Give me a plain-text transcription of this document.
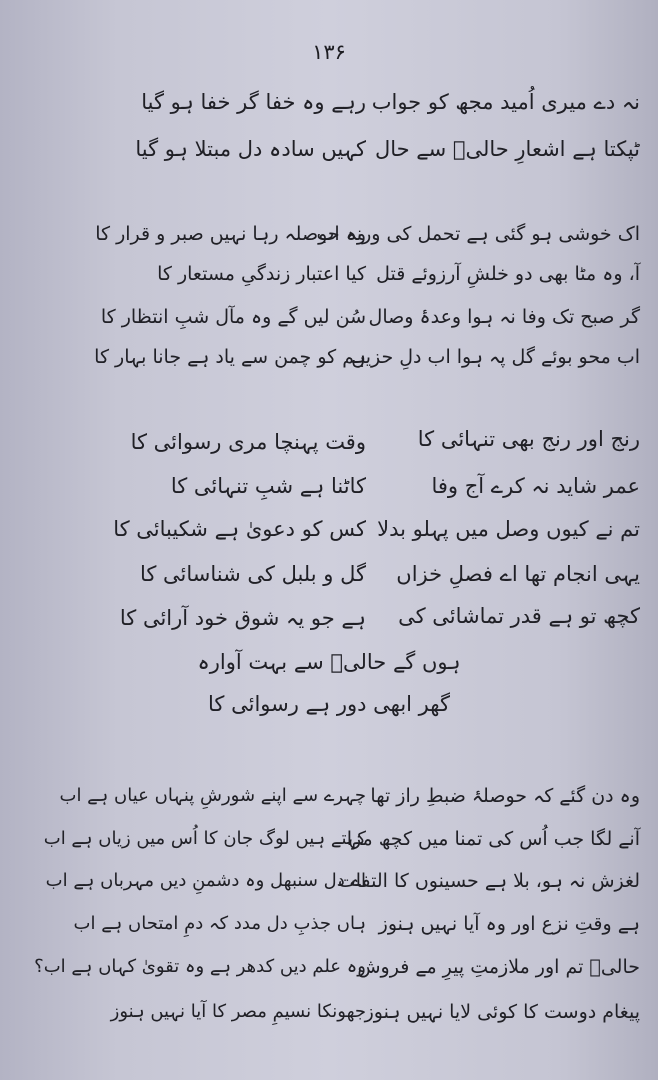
۱۳۶
نہ دے میری اُمید مجھ کو جواب
رہے وہ خفا گر خفا ہو گیا
ٹپکتا ہے اشعارِ حالیؔ سے حال
کہیں سادہ دل مبتلا ہو گیا
اک خوشی ہو گئی ہے تحمل کی ورنہ اب
وہ حوصلہ رہا نہیں صبر و قرار کا
آ، وہ مٹا بھی دو خلشِ آرزوئے قتل
کیا اعتبار زندگیِ مستعار کا
گر صبح تک وفا نہ ہوا وعدۂ وصال
سُن لیں گے وہ مآل شبِ انتظار کا
اب محو بوئے گل پہ ہوا اب دلِ حزیں
ہم کو چمن سے یاد ہے جانا بہار کا
رنج اور رنج بھی تنہائی کا
وقت پہنچا مری رسوائی کا
عمر شاید نہ کرے آج وفا
کاٹنا ہے شبِ تنہائی کا
تم نے کیوں وصل میں پہلو بدلا
کس کو دعویٰ ہے شکیبائی کا
یہی انجام تھا اے فصلِ خزاں
گل و بلبل کی شناسائی کا
کچھ تو ہے قدر تماشائی کی
ہے جو یہ شوق خود آرائی کا
ہوں گے حالیؔ سے بہت آوارہ
گھر ابھی دور ہے رسوائی کا
وہ دن گئے کہ حوصلۂ ضبطِ راز تھا
چہرے سے اپنے شورشِ پنہاں عیاں ہے اب
آنے لگا جب اُس کی تمنا میں کچھ مزا
کہتے ہیں لوگ جان کا اُس میں زیاں ہے اب
لغزش نہ ہو، بلا ہے حسینوں کا التفات
اے دل سنبھل وہ دشمنِ دیں مہرباں ہے اب
ہے وقتِ نزع اور وہ آیا نہیں ہنوز
ہاں جذبِ دل مدد کہ دمِ امتحاں ہے اب
حالیؔ تم اور ملازمتِ پیرِ مے فروش
وہ علم دیں کدھر ہے وہ تقویٰ کہاں ہے اب؟
پیغام دوست کا کوئی لایا نہیں ہنوز
جھونکا نسیمِ مصر کا آیا نہیں ہنوز
